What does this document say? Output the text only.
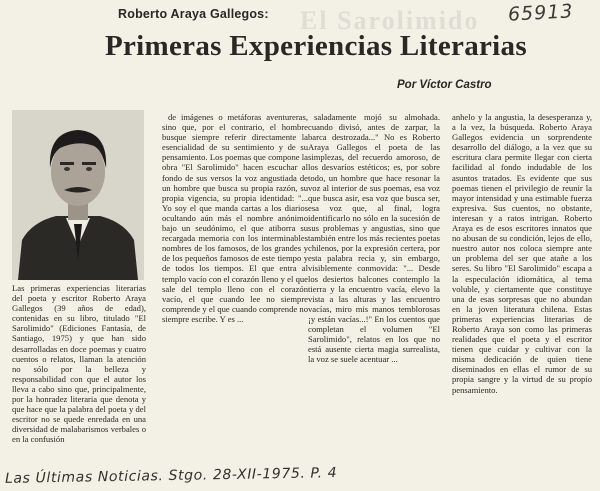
65913
El Sarolimido
Roberto Araya Gallegos:
Primeras Experiencias Literarias
Por Víctor Castro

Las primeras experiencias literarias del poeta y escritor Roberto Araya Gallegos (39 años de edad), contenidas en su libro, titulado "El Sarolimido" (Ediciones Fantasía, de Santiago, 1975) y que han sido desarrolladas en doce poemas y cuatro cuentos o relatos, llaman la atención no sólo por la belleza y responsabilidad con que el autor los lleva a cabo sino que, principalmente, por la honradez literaria que denota y que hace que la palabra del poeta y del escritor no se quede enredada en una diversidad de malabarismos verbales o en la confusión

de imágenes o metáforas aventureras, sino que, por el contrario, el hombre busque siempre referir directamente la esencialidad de su sentimiento y de su pensamiento. Los poemas que compone la obra "El Sarolimido" hacen escuchar al fondo de sus versos la voz angustiada de un hombre que busca su propia razón, su propia vigencia, su propia identidad: "... Yo soy el que manda cartas a los diarios ocultando aún más el nombre anónimo bajo un seudónimo, el que atiborra su recargada memoria con los interminables nombres de los famosos, de los grandes y de los pequeños famosos de este tiempo y de todos los tiempos. El que entra al templo vacío con el corazón lleno y el que sale del templo lleno con el corazón vacío, el que cuando lee no siempre comprende y el que cuando comprende no siempre escribe. Y es ...

saladamente mojó su almohada. cuando divisó, antes de zarpar, la barca destrozada..." No es Roberto Araya Gallegos el poeta de las simplezas, del recuerdo amoroso, de los desvaríos estéticos; es, por sobre todo, un hombre que hace resonar la voz al interior de sus poemas, esa voz que busca asir, esa voz que busca ser, esa voz que, al final, logra identificarlo no sólo en la sucesión de sus problemas y angustias, sino que también entre los más recientes poetas chilenos, por la expresión certera, por esta palabra recia y, sin embargo, visiblemente conmovida: "... Desde los desiertos balcones contemplo la tierra y la encuentro vacía, elevo la vista a las alturas y las encuentro vacías, miro mis manos temblorosas ¡y están vacías...!" En los cuentos que completan el volumen "El Sarolimido", relatos en los que no está ausente cierta magia surrealista, la voz se suele acentuar ...

anhelo y la angustia, la desesperanza y, a la vez, la búsqueda. Roberto Araya Gallegos evidencia un sorprendente desarrollo del diálogo, a la vez que su escritura clara permite llegar con cierta facilidad al fondo indudable de los asuntos tratados. Es evidente que sus poemas tienen el privilegio de reunir la mayor intensidad y una estimable fuerza expresiva. Sus cuentos, no obstante, interesan y a ratos intrigan. Roberto Araya es de esos escritores innatos que no abusan de su condición, lejos de ello, nuestro autor nos coloca siempre ante un problema del ser que atañe a los seres. Su libro "El Sarolimido" escapa a la especulación idiomática, al tema voluble, y ciertamente que constituye una de esas sorpresas que no abundan en la joven literatura chilena. Estas primeras experiencias literarias de Roberto Araya son como las primeras realidades que el poeta y el escritor tienen que cuidar y cultivar con la misma dedicación de quien tiene diseminados en ellas el rumor de su propia sangre y la virtud de su propio pensamiento.

Las Últimas Noticias. Stgo. 28-XII-1975. P. 4
